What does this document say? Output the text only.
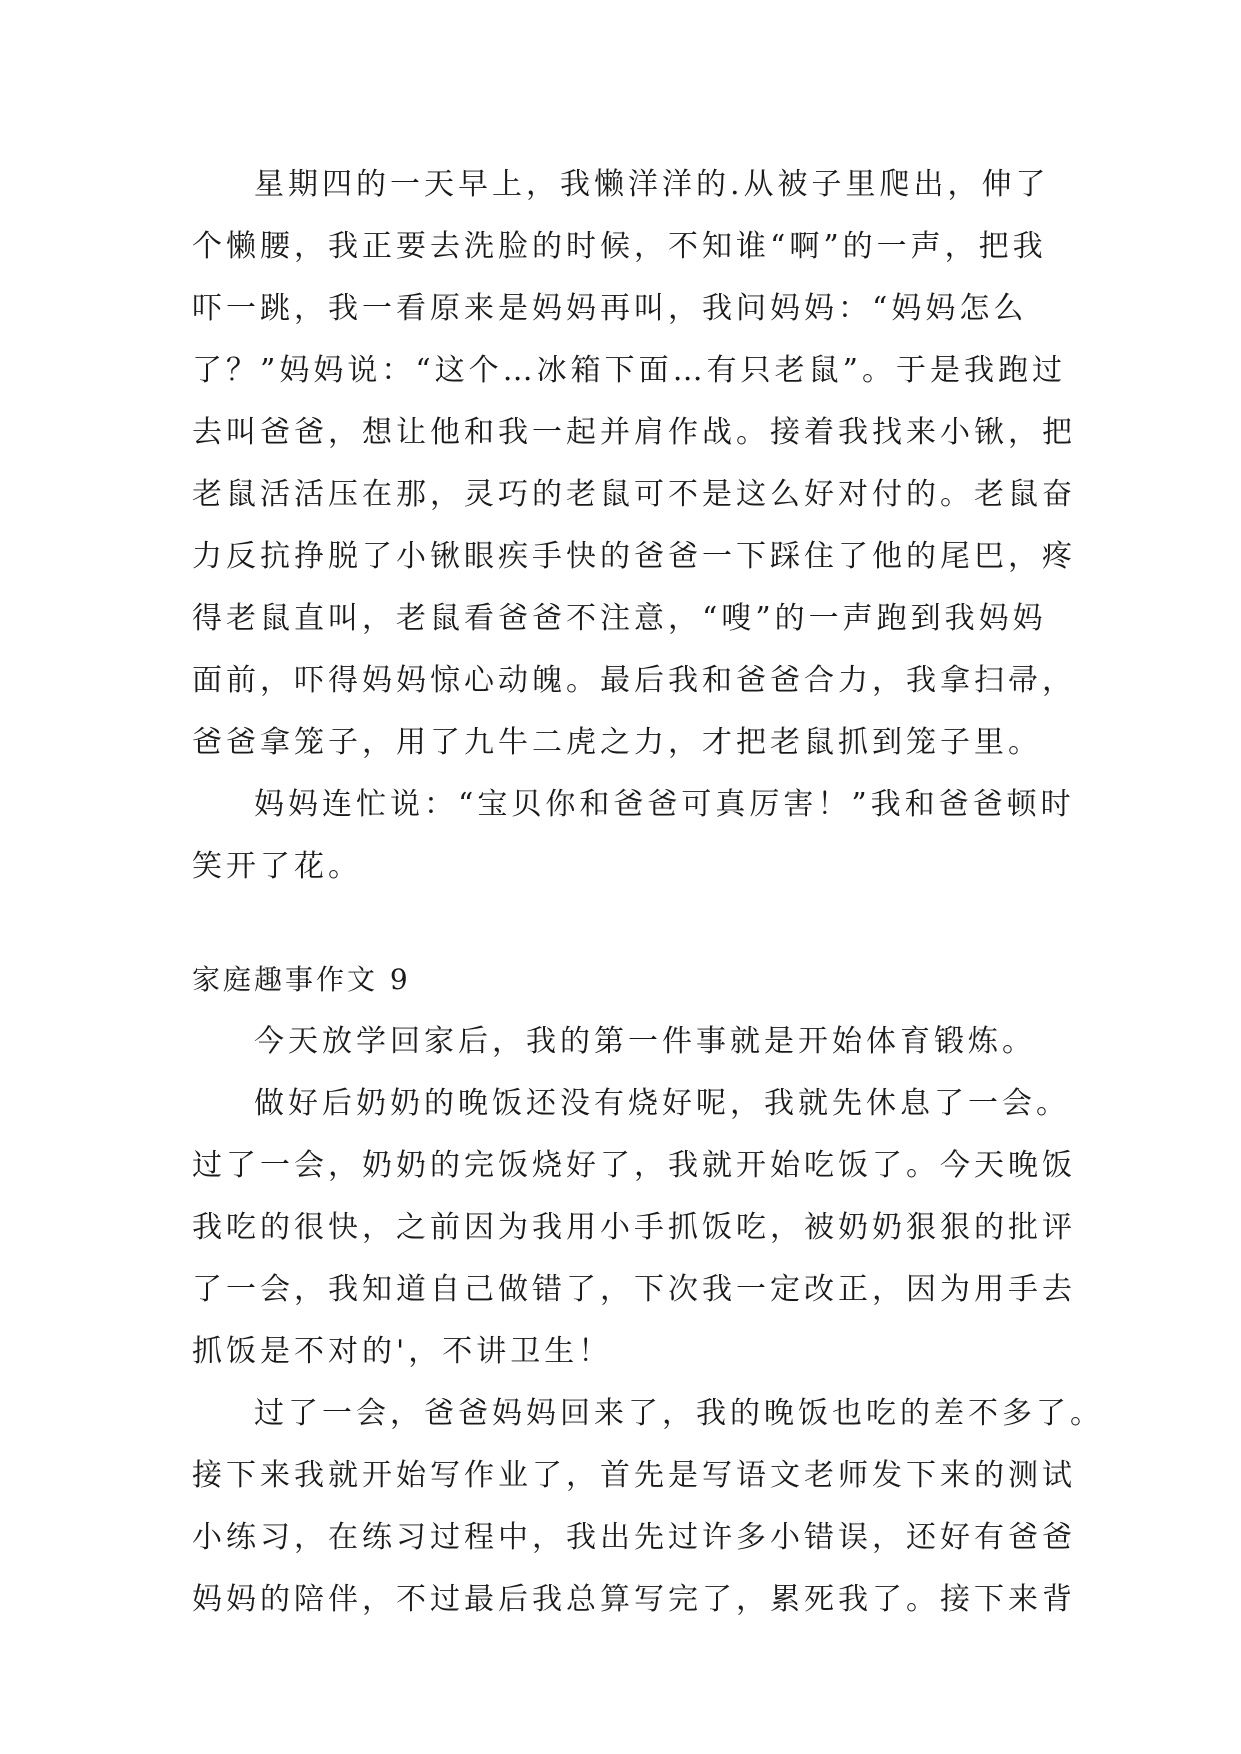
星期四的一天早上，我懒洋洋的.从被子里爬出，伸了
个懒腰，我正要去洗脸的时候，不知谁“啊”的一声，把我
吓一跳，我一看原来是妈妈再叫，我问妈妈：“妈妈怎么
了？”妈妈说：“这个…冰箱下面…有只老鼠”。于是我跑过
去叫爸爸，想让他和我一起并肩作战。接着我找来小锹，把
老鼠活活压在那，灵巧的老鼠可不是这么好对付的。老鼠奋
力反抗挣脱了小锹眼疾手快的爸爸一下踩住了他的尾巴，疼
得老鼠直叫，老鼠看爸爸不注意，“嗖”的一声跑到我妈妈
面前，吓得妈妈惊心动魄。最后我和爸爸合力，我拿扫帚，
爸爸拿笼子，用了九牛二虎之力，才把老鼠抓到笼子里。
妈妈连忙说：“宝贝你和爸爸可真厉害！”我和爸爸顿时
笑开了花。
家庭趣事作文 9
今天放学回家后，我的第一件事就是开始体育锻炼。
做好后奶奶的晚饭还没有烧好呢，我就先休息了一会。
过了一会，奶奶的完饭烧好了，我就开始吃饭了。今天晚饭
我吃的很快，之前因为我用小手抓饭吃，被奶奶狠狠的批评
了一会，我知道自己做错了，下次我一定改正，因为用手去
抓饭是不对的'，不讲卫生！
过了一会，爸爸妈妈回来了，我的晚饭也吃的差不多了。
接下来我就开始写作业了，首先是写语文老师发下来的测试
小练习，在练习过程中，我出先过许多小错误，还好有爸爸
妈妈的陪伴，不过最后我总算写完了，累死我了。接下来背
